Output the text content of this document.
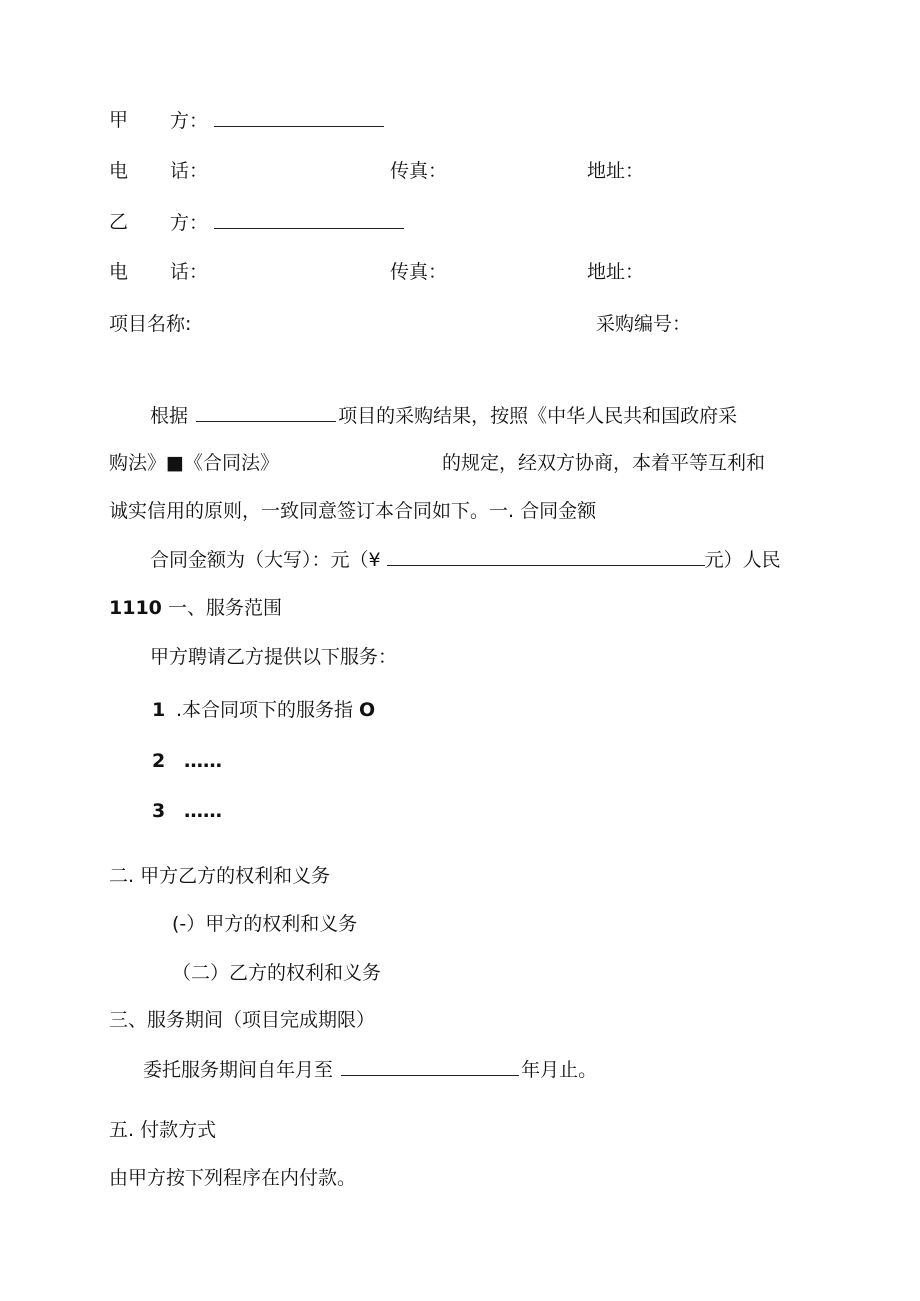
甲 方：
电 话：	传真：	地址：
乙 方：
电 话：	传真：	地址：
项目名称:	采购编号：
根据	项目的采购结果，按照《中华人民共和国政府采
购法》■《合同法》	的规定，经双方协商，本着平等互利和
诚实信用的原则，一致同意签订本合同如下。一. 合同金额
合同金额为（大写）：元（¥	元）人民
1110 一、服务范围
甲方聘请乙方提供以下服务：
1 .本合同项下的服务指 O
2 ……
3 ……
二. 甲方乙方的权利和义务
(-）甲方的权利和义务
（二）乙方的权利和义务
三、服务期间（项目完成期限）
委托服务期间自年月至	年月止。
五. 付款方式
由甲方按下列程序在内付款。
